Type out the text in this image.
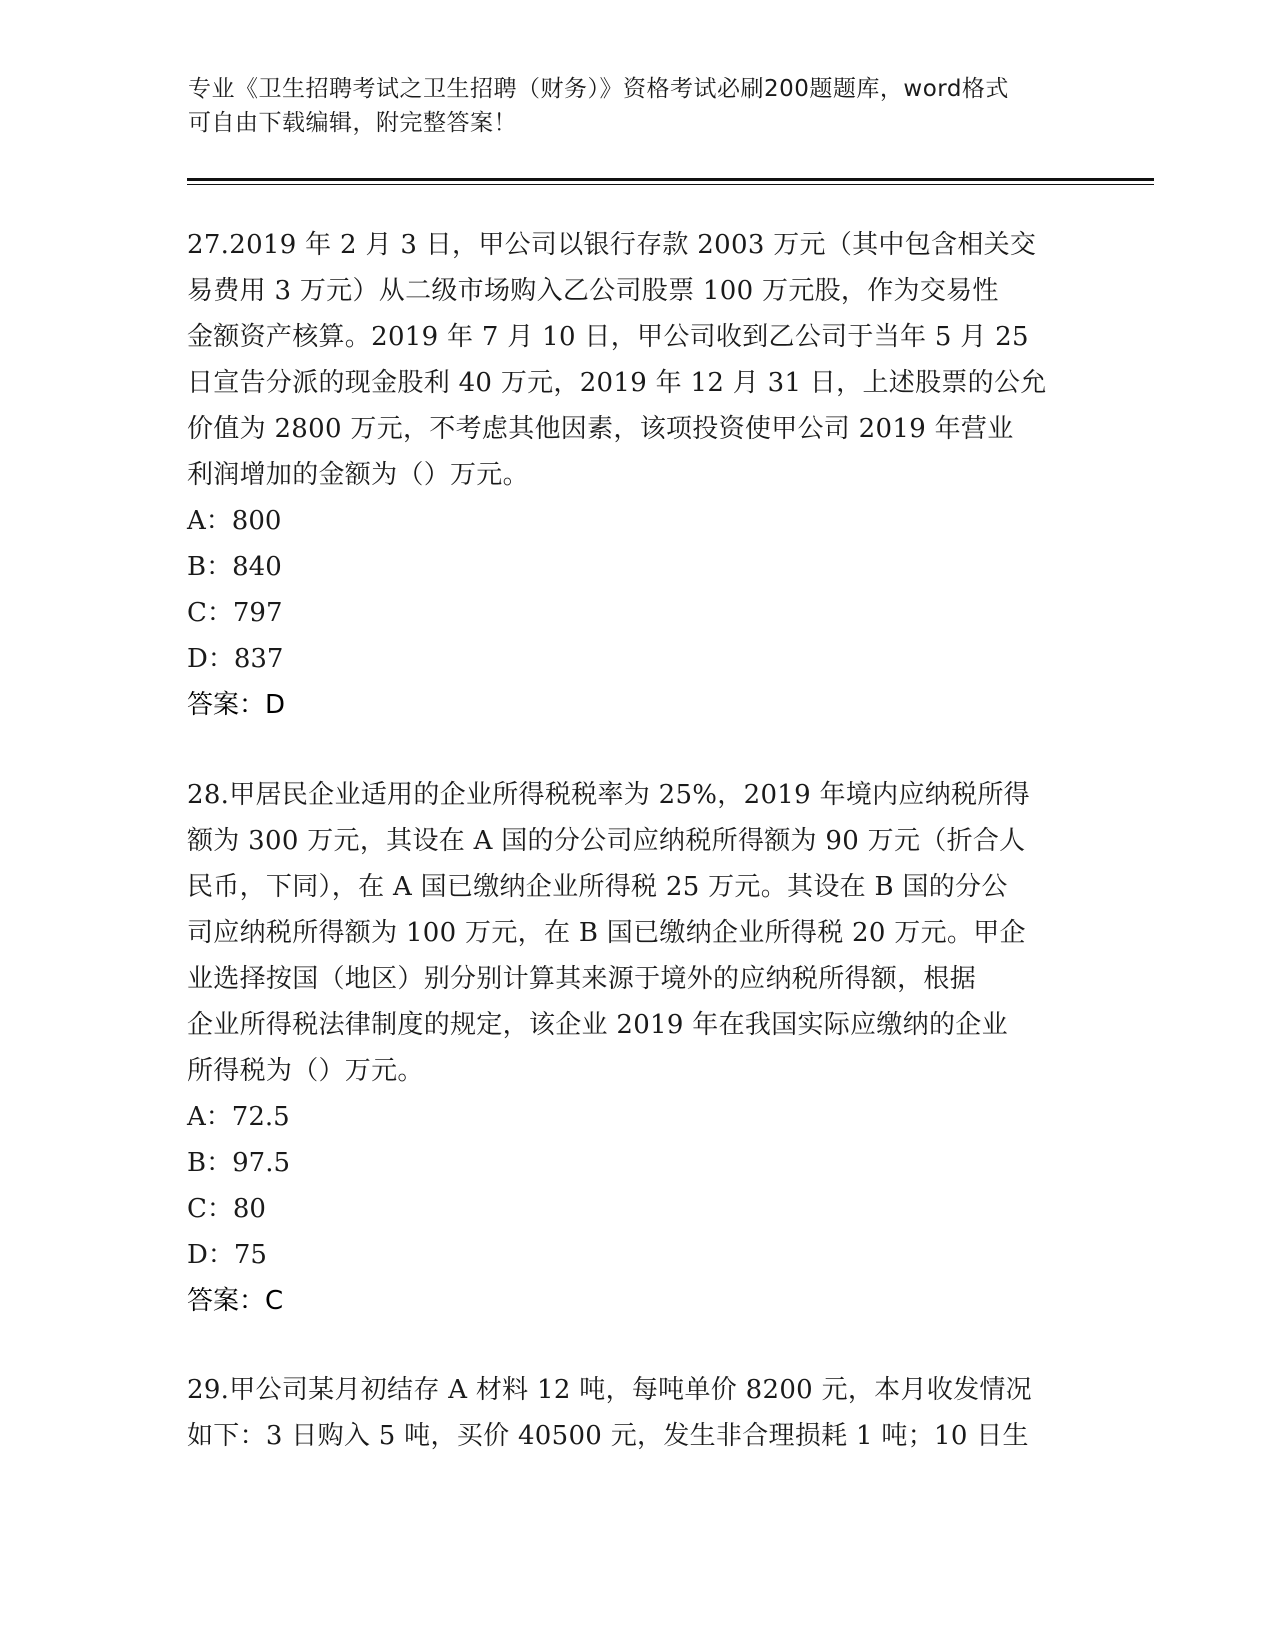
专业《卫生招聘考试之卫生招聘（财务）》资格考试必刷200题题库，word格式
可自由下载编辑，附完整答案！
27.2019 年 2 月 3 日，甲公司以银行存款 2003 万元（其中包含相关交
易费用 3 万元）从二级市场购入乙公司股票 100 万元股，作为交易性
金额资产核算。2019 年 7 月 10 日，甲公司收到乙公司于当年 5 月 25
日宣告分派的现金股利 40 万元，2019 年 12 月 31 日，上述股票的公允
价值为 2800 万元，不考虑其他因素，该项投资使甲公司 2019 年营业
利润增加的金额为（）万元。
A：800
B：840
C：797
D：837
答案：D
28.甲居民企业适用的企业所得税税率为 25%，2019 年境内应纳税所得
额为 300 万元，其设在 A 国的分公司应纳税所得额为 90 万元（折合人
民币，下同），在 A 国已缴纳企业所得税 25 万元。其设在 B 国的分公
司应纳税所得额为 100 万元，在 B 国已缴纳企业所得税 20 万元。甲企
业选择按国（地区）别分别计算其来源于境外的应纳税所得额，根据
企业所得税法律制度的规定，该企业 2019 年在我国实际应缴纳的企业
所得税为（）万元。
A：72.5
B：97.5
C：80
D：75
答案：C
29.甲公司某月初结存 A 材料 12 吨，每吨单价 8200 元，本月收发情况
如下：3 日购入 5 吨，买价 40500 元，发生非合理损耗 1 吨；10 日生
